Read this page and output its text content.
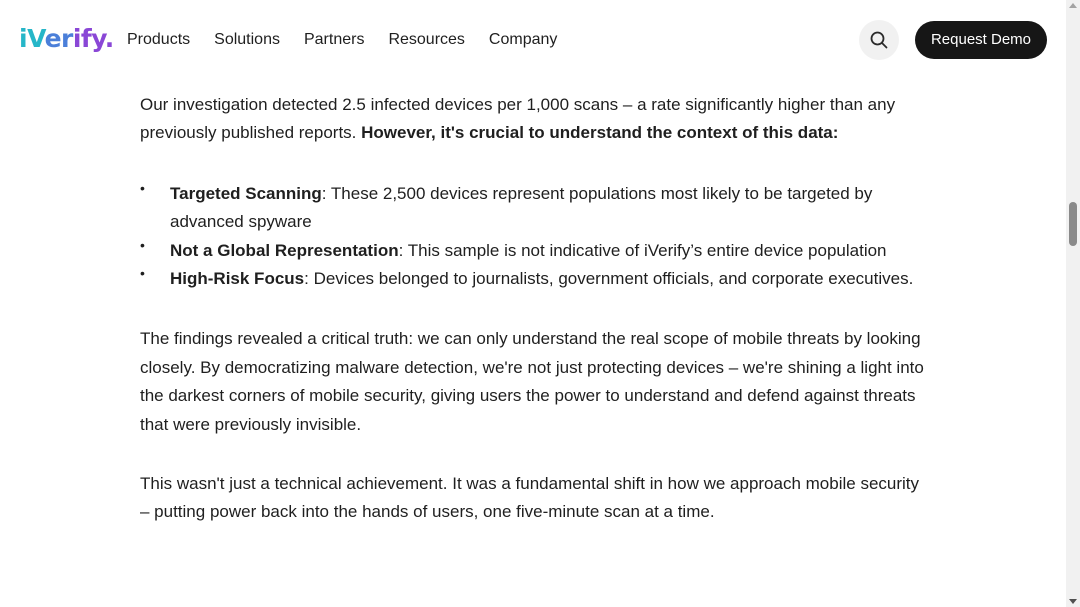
iVerify. Products Solutions Partners Resources Company	Request Demo

Our investigation detected 2.5 infected devices per 1,000 scans – a rate significantly higher than any previously published reports. However, it's crucial to understand the context of this data:

• Targeted Scanning: These 2,500 devices represent populations most likely to be targeted by advanced spyware
• Not a Global Representation: This sample is not indicative of iVerify’s entire device population
• High-Risk Focus: Devices belonged to journalists, government officials, and corporate executives.

The findings revealed a critical truth: we can only understand the real scope of mobile threats by looking closely. By democratizing malware detection, we're not just protecting devices – we're shining a light into the darkest corners of mobile security, giving users the power to understand and defend against threats that were previously invisible.

This wasn't just a technical achievement. It was a fundamental shift in how we approach mobile security – putting power back into the hands of users, one five-minute scan at a time.
